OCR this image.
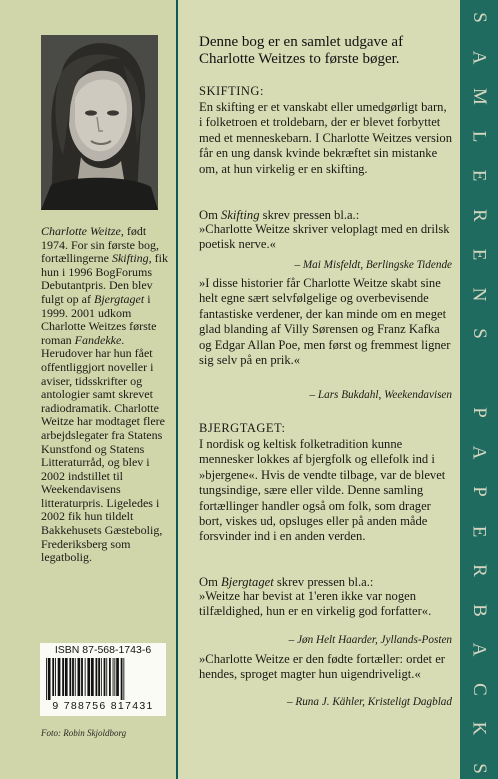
Charlotte Weitze, født 1974. For sin første bog, fortællingerne Skifting, fik hun i 1996 BogForums Debutantpris. Den blev fulgt op af Bjergtaget i 1999. 2001 udkom Charlotte Weitzes første roman Fandekke. Herudover har hun fået offentliggjort noveller i aviser, tidsskrifter og antologier samt skrevet radiodramatik. Charlotte Weitze har modtaget flere arbejdslegater fra Statens Kunstfond og Statens Litteraturråd, og blev i 2002 indstillet til Weekendavisens litteraturpris. Ligeledes i 2002 fik hun tildelt Bakkehusets Gæstebolig, Frederiksberg som legatbolig.

ISBN 87-568-1743-6
9 788756 817431
Foto: Robin Skjoldborg
S
A
M
L
E
R
E
N
S
P
A
P
E
R
B
A
C
K
S

Denne bog er en samlet udgave af Charlotte Weitzes to første bøger.

SKIFTING:

En skifting er et vanskabt eller umedgørligt barn, i folketroen et troldebarn, der er blevet forbyttet med et menneskebarn. I Charlotte Weitzes version får en ung dansk kvinde bekræftet sin mistanke om, at hun virkelig er en skifting.

Om Skifting skrev pressen bl.a.:

»Charlotte Weitze skriver veloplagt med en drilsk poetisk nerve.«

– Mai Misfeldt, Berlingske Tidende

»I disse historier får Charlotte Weitze skabt sine helt egne sært selvfølgelige og overbevisende fantastiske verdener, der kan minde om en meget glad blanding af Villy Sørensen og Franz Kafka og Edgar Allan Poe, men først og fremmest ligner sig selv på en prik.«

– Lars Bukdahl, Weekendavisen

BJERGTAGET:

I nordisk og keltisk folketradition kunne mennesker lokkes af bjergfolk og ellefolk ind i »bjergene«. Hvis de vendte tilbage, var de blevet tungsindige, sære eller vilde. Denne samling fortællinger handler også om folk, som drager bort, viskes ud, opsluges eller på anden måde forsvinder ind i en anden verden.

Om Bjergtaget skrev pressen bl.a.:

»Weitze har bevist at 1'eren ikke var nogen tilfældighed, hun er en virkelig god forfatter«.

– Jøn Helt Haarder, Jyllands-Posten

»Charlotte Weitze er den fødte fortæller: ordet er hendes, sproget magter hun uigendriveligt.«

– Runa J. Kähler, Kristeligt Dagblad
